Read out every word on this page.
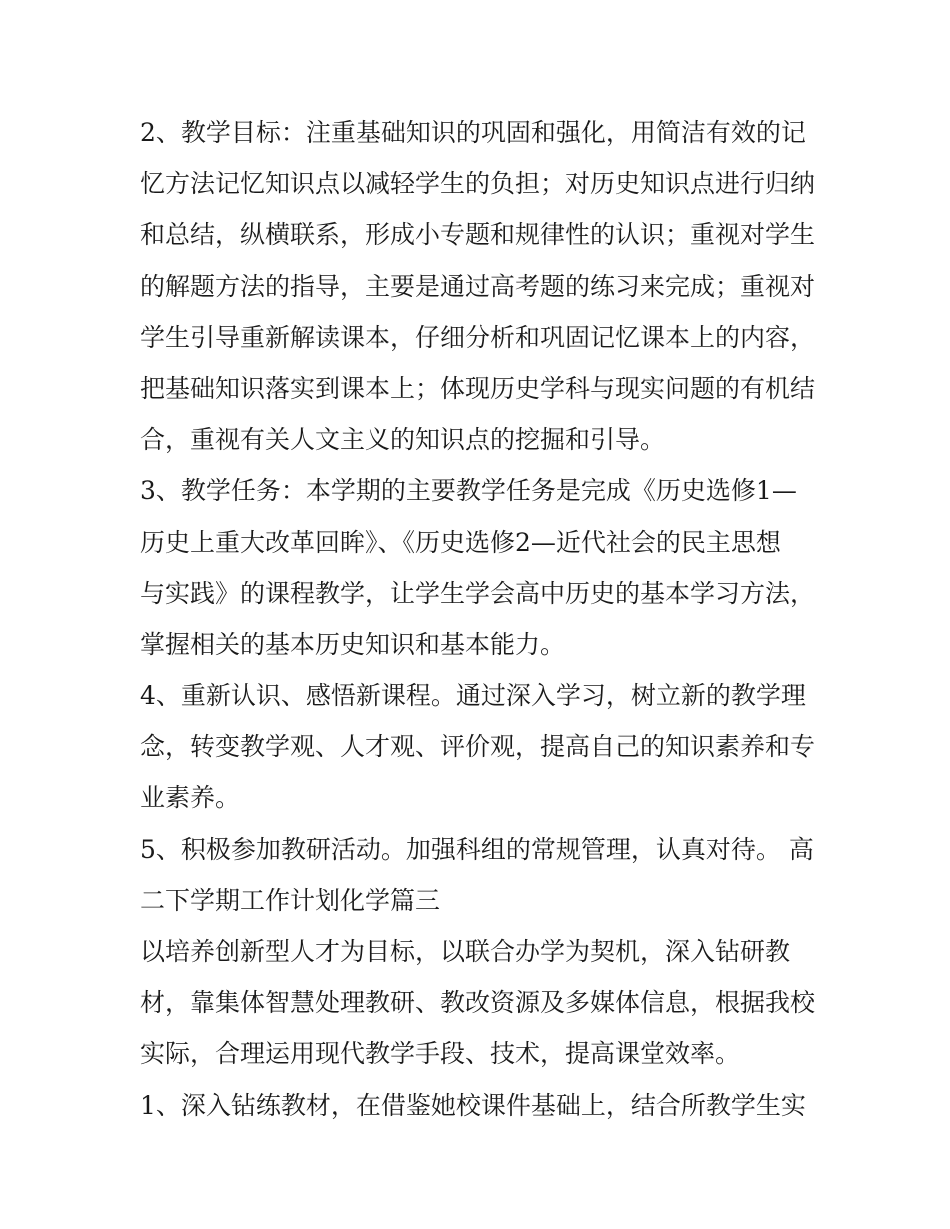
2、教学目标：注重基础知识的巩固和强化，用简洁有效的记
忆方法记忆知识点以减轻学生的负担；对历史知识点进行归纳
和总结，纵横联系，形成小专题和规律性的认识；重视对学生
的解题方法的指导，主要是通过高考题的练习来完成；重视对
学生引导重新解读课本，仔细分析和巩固记忆课本上的内容，
把基础知识落实到课本上；体现历史学科与现实问题的有机结
合，重视有关人文主义的知识点的挖掘和引导。
3、教学任务：本学期的主要教学任务是完成《历史选修1—
历史上重大改革回眸》、《历史选修2—近代社会的民主思想
与实践》的课程教学，让学生学会高中历史的基本学习方法，
掌握相关的基本历史知识和基本能力。
4、重新认识、感悟新课程。通过深入学习，树立新的教学理
念，转变教学观、人才观、评价观，提高自己的知识素养和专
业素养。
5、积极参加教研活动。加强科组的常规管理，认真对待。 高
二下学期工作计划化学篇三
以培养创新型人才为目标，以联合办学为契机，深入钻研教
材，靠集体智慧处理教研、教改资源及多媒体信息，根据我校
实际，合理运用现代教学手段、技术，提高课堂效率。
1、深入钻练教材，在借鉴她校课件基础上，结合所教学生实
